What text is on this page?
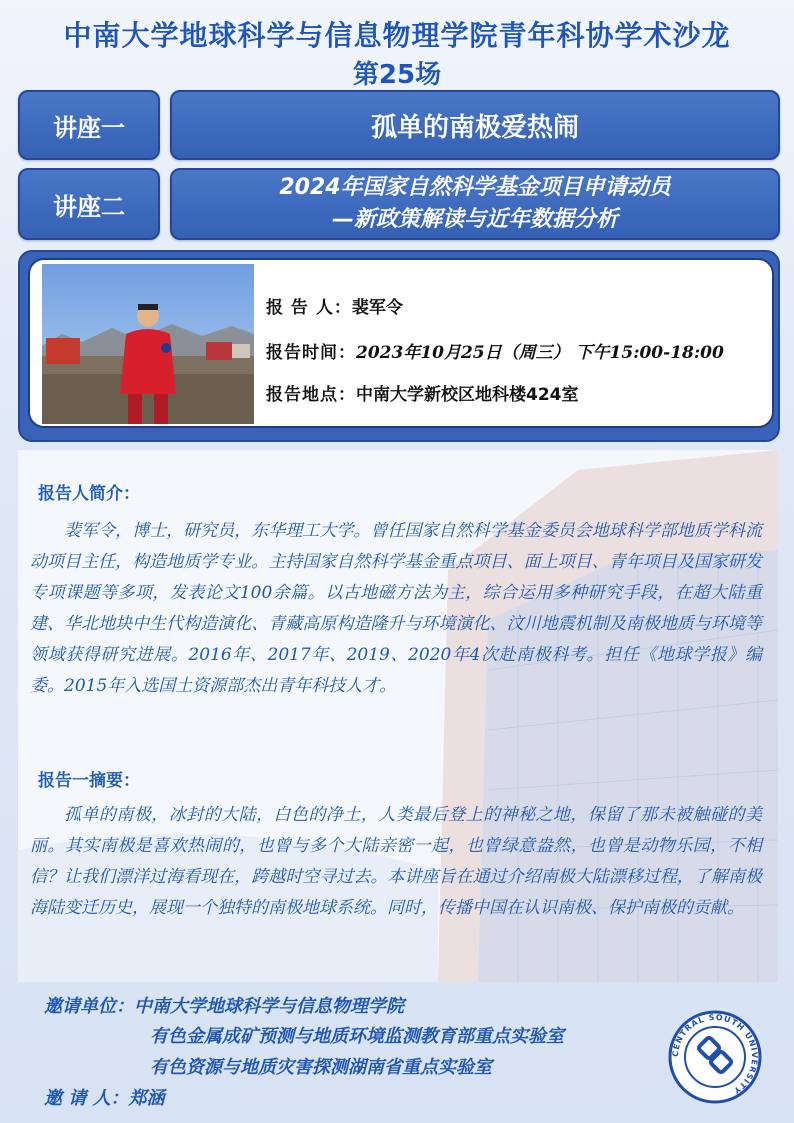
中南大学地球科学与信息物理学院青年科协学术沙龙
第25场
讲座一	孤单的南极爱热闹
讲座二
2024年国家自然科学基金项目申请动员
—新政策解读与近年数据分析
报 告 人：裴军令
报告时间：2023年10月25日（周三） 下午15:00-18:00
报告地点：中南大学新校区地科楼424室
报告人简介：
裴军令，博士，研究员，东华理工大学。曾任国家自然科学基金委员会地球科学部地质学科流动项目主任，构造地质学专业。主持国家自然科学基金重点项目、面上项目、青年项目及国家研发专项课题等多项，发表论文100余篇。以古地磁方法为主，综合运用多种研究手段，在超大陆重建、华北地块中生代构造演化、青藏高原构造隆升与环境演化、汶川地震机制及南极地质与环境等领域获得研究进展。2016年、2017年、2019、2020年4次赴南极科考。担任《地球学报》编委。2015年入选国土资源部杰出青年科技人才。
报告一摘要：
孤单的南极，冰封的大陆，白色的净土，人类最后登上的神秘之地，保留了那未被触碰的美丽。其实南极是喜欢热闹的，也曾与多个大陆亲密一起，也曾绿意盎然，也曾是动物乐园，不相信？让我们漂洋过海看现在，跨越时空寻过去。本讲座旨在通过介绍南极大陆漂移过程，了解南极海陆变迁历史，展现一个独特的南极地球系统。同时，传播中国在认识南极、保护南极的贡献。
邀请单位：中南大学地球科学与信息物理学院
有色金属成矿预测与地质环境监测教育部重点实验室
有色资源与地质灾害探测湖南省重点实验室
邀 请 人：郑涵
CENTRAL SOUTH UNIVERSITY
